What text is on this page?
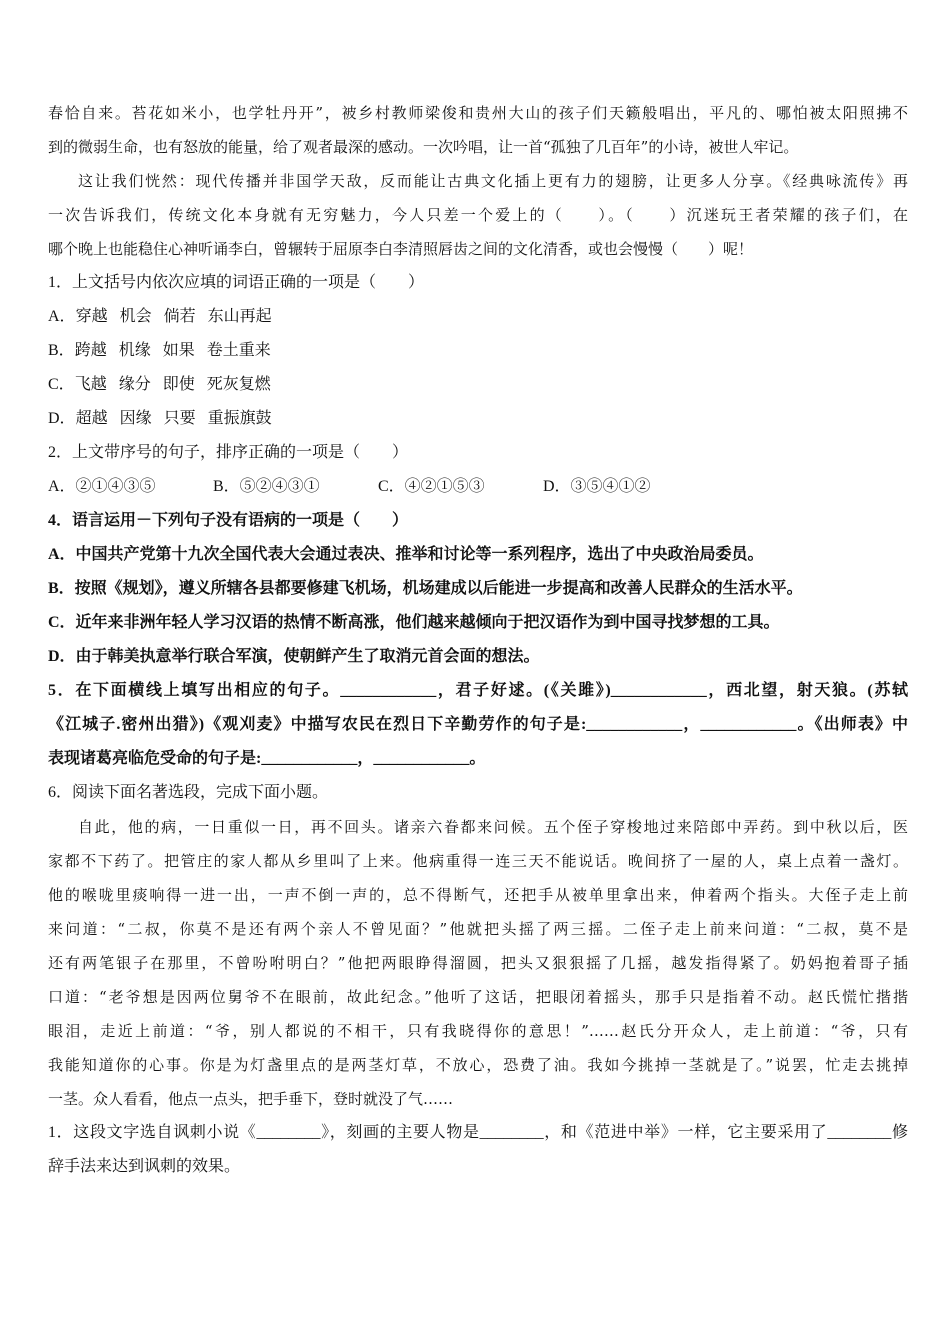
春恰自来。苔花如米小，也学牡丹开”，被乡村教师梁俊和贵州大山的孩子们天籁般唱出，平凡的、哪怕被太阳照拂不
到的微弱生命，也有怒放的能量，给了观者最深的感动。一次吟唱，让一首“孤独了几百年”的小诗，被世人牢记。
这让我们恍然：现代传播并非国学天敌，反而能让古典文化插上更有力的翅膀，让更多人分享。《经典咏流传》再
一次告诉我们，传统文化本身就有无穷魅力，今人只差一个爱上的（　　）。（　　）沉迷玩王者荣耀的孩子们，在
哪个晚上也能稳住心神听诵李白，曾辗转于屈原李白李清照唇齿之间的文化清香，或也会慢慢（　　）呢！
1．上文括号内依次应填的词语正确的一项是（　　）
A．穿越 机会 倘若 东山再起
B．跨越 机缘 如果 卷土重来
C．飞越 缘分 即使 死灰复燃
D．超越 因缘 只要 重振旗鼓
2．上文带序号的句子，排序正确的一项是（　　）
A．②①④③⑤	B．⑤②④③①	C．④②①⑤③	D．③⑤④①②
4．语言运用－下列句子没有语病的一项是（　　）
A．中国共产党第十九次全国代表大会通过表决、推举和讨论等一系列程序，选出了中央政治局委员。
B．按照《规划》，遵义所辖各县都要修建飞机场，机场建成以后能进一步提高和改善人民群众的生活水平。
C．近年来非洲年轻人学习汉语的热情不断高涨，他们越来越倾向于把汉语作为到中国寻找梦想的工具。
D．由于韩美执意举行联合军演，使朝鲜产生了取消元首会面的想法。
5．在下面横线上填写出相应的句子。____________，君子好逑。(《关雎》)____________，西北望，射天狼。(苏轼
《江城子.密州出猎》)《观刈麦》中描写农民在烈日下辛勤劳作的句子是:____________，____________。《出师表》中
表现诸葛亮临危受命的句子是:____________，____________。
6．阅读下面名著选段，完成下面小题。
自此，他的病，一日重似一日，再不回头。诸亲六眷都来问候。五个侄子穿梭地过来陪郎中弄药。到中秋以后，医
家都不下药了。把管庄的家人都从乡里叫了上来。他病重得一连三天不能说话。晚间挤了一屋的人，桌上点着一盏灯。
他的喉咙里痰响得一进一出，一声不倒一声的，总不得断气，还把手从被单里拿出来，伸着两个指头。大侄子走上前
来问道：“二叔，你莫不是还有两个亲人不曾见面？”他就把头摇了两三摇。二侄子走上前来问道：“二叔，莫不是
还有两笔银子在那里，不曾吩咐明白？”他把两眼睁得溜圆，把头又狠狠摇了几摇，越发指得紧了。奶妈抱着哥子插
口道：“老爷想是因两位舅爷不在眼前，故此纪念。”他听了这话，把眼闭着摇头，那手只是指着不动。赵氏慌忙揩揩
眼泪，走近上前道：“爷，别人都说的不相干，只有我晓得你的意思！”……赵氏分开众人，走上前道：“爷，只有
我能知道你的心事。你是为灯盏里点的是两茎灯草，不放心，恐费了油。我如今挑掉一茎就是了。”说罢，忙走去挑掉
一茎。众人看看，他点一点头，把手垂下，登时就没了气……
1．这段文字选自讽刺小说《________》，刻画的主要人物是________，和《范进中举》一样，它主要采用了________修
辞手法来达到讽刺的效果。
